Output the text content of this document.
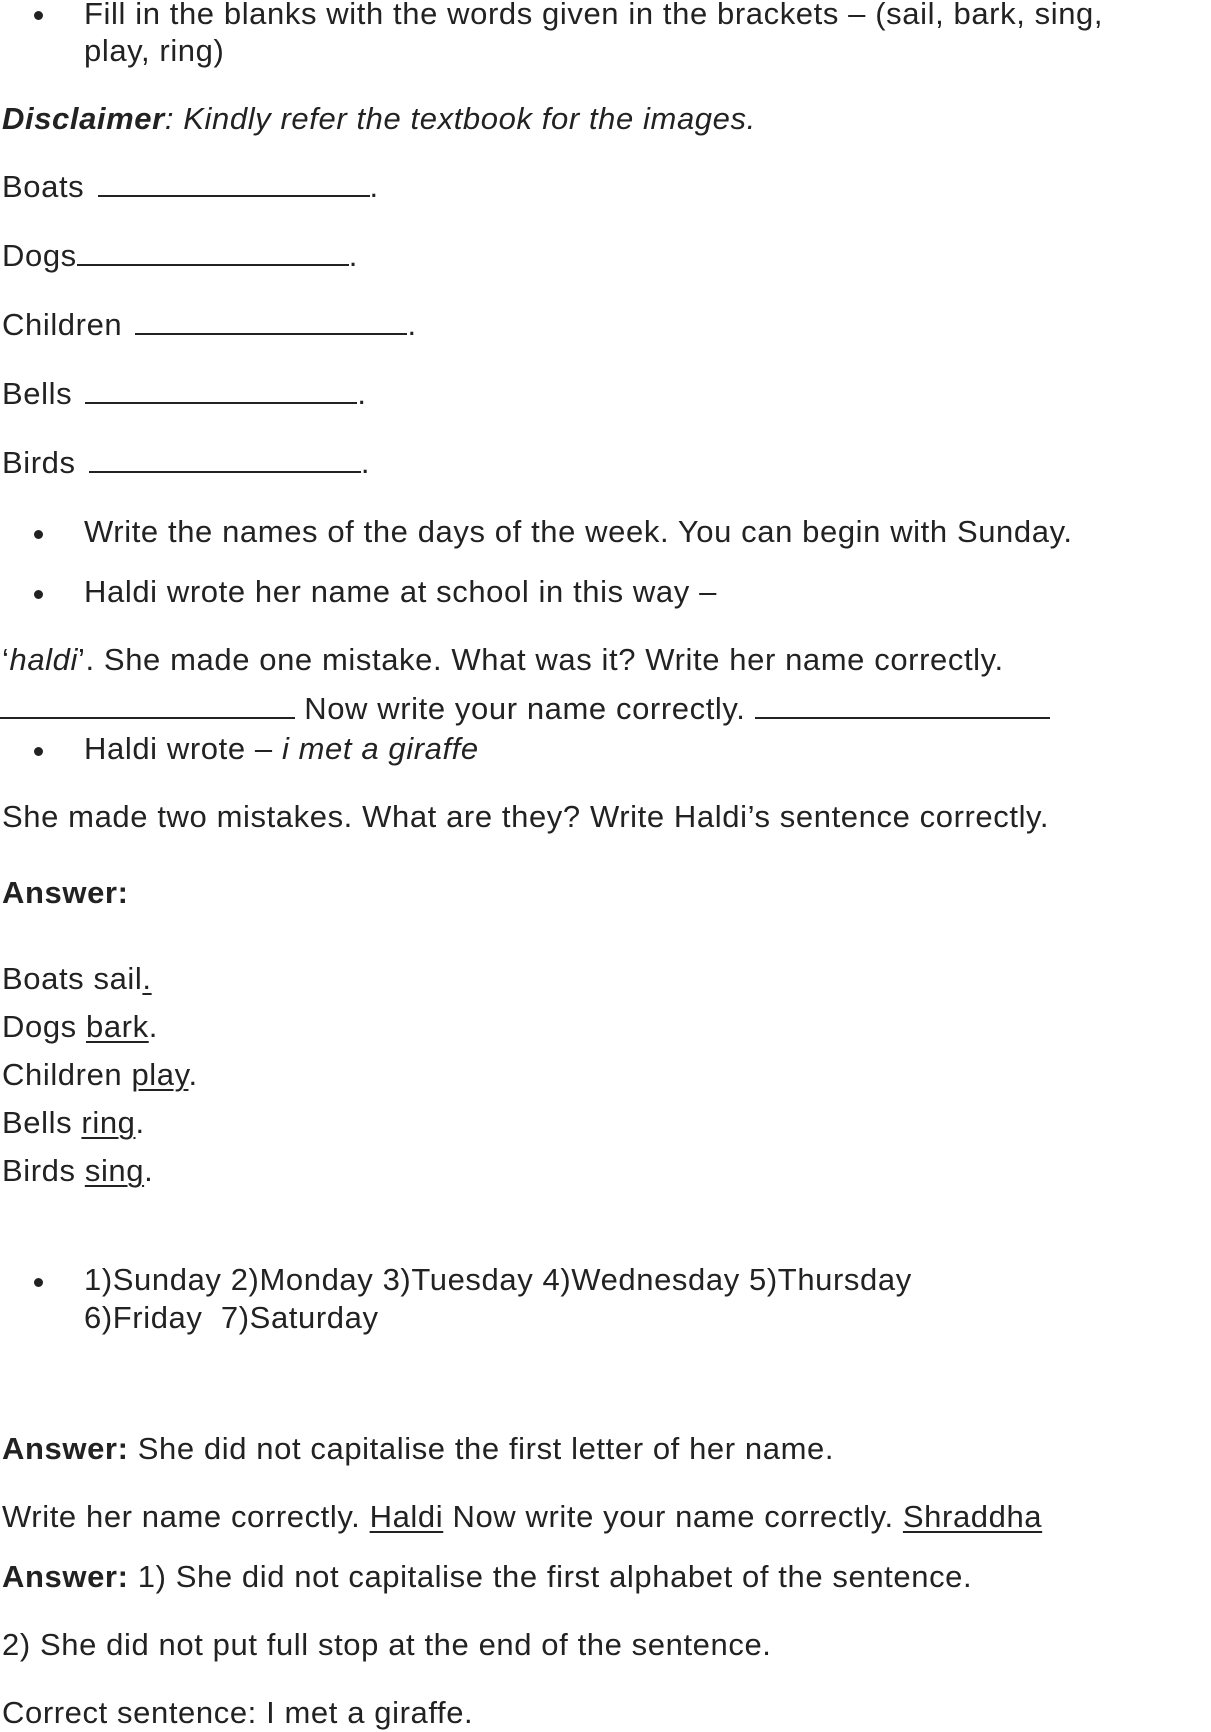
Fill in the blanks with the words given in the brackets – (sail, bark, sing,
play, ring)
Disclaimer: Kindly refer the textbook for the images.
Boats	.
Dogs	.
Children	.
Bells	.
Birds	.
Write the names of the days of the week. You can begin with Sunday.
Haldi wrote her name at school in this way –
‘haldi’. She made one mistake. What was it? Write her name correctly.
Now write your name correctly.
Haldi wrote – i met a giraffe
She made two mistakes. What are they? Write Haldi’s sentence correctly.
Answer:
Boats sail.
Dogs bark.
Children play.
Bells ring.
Birds sing.
1)Sunday 2)Monday 3)Tuesday 4)Wednesday 5)Thursday
6)Friday  7)Saturday
Answer: She did not capitalise the first letter of her name.
Write her name correctly. Haldi Now write your name correctly. Shraddha
Answer: 1) She did not capitalise the first alphabet of the sentence.
2) She did not put full stop at the end of the sentence.
Correct sentence: I met a giraffe.
